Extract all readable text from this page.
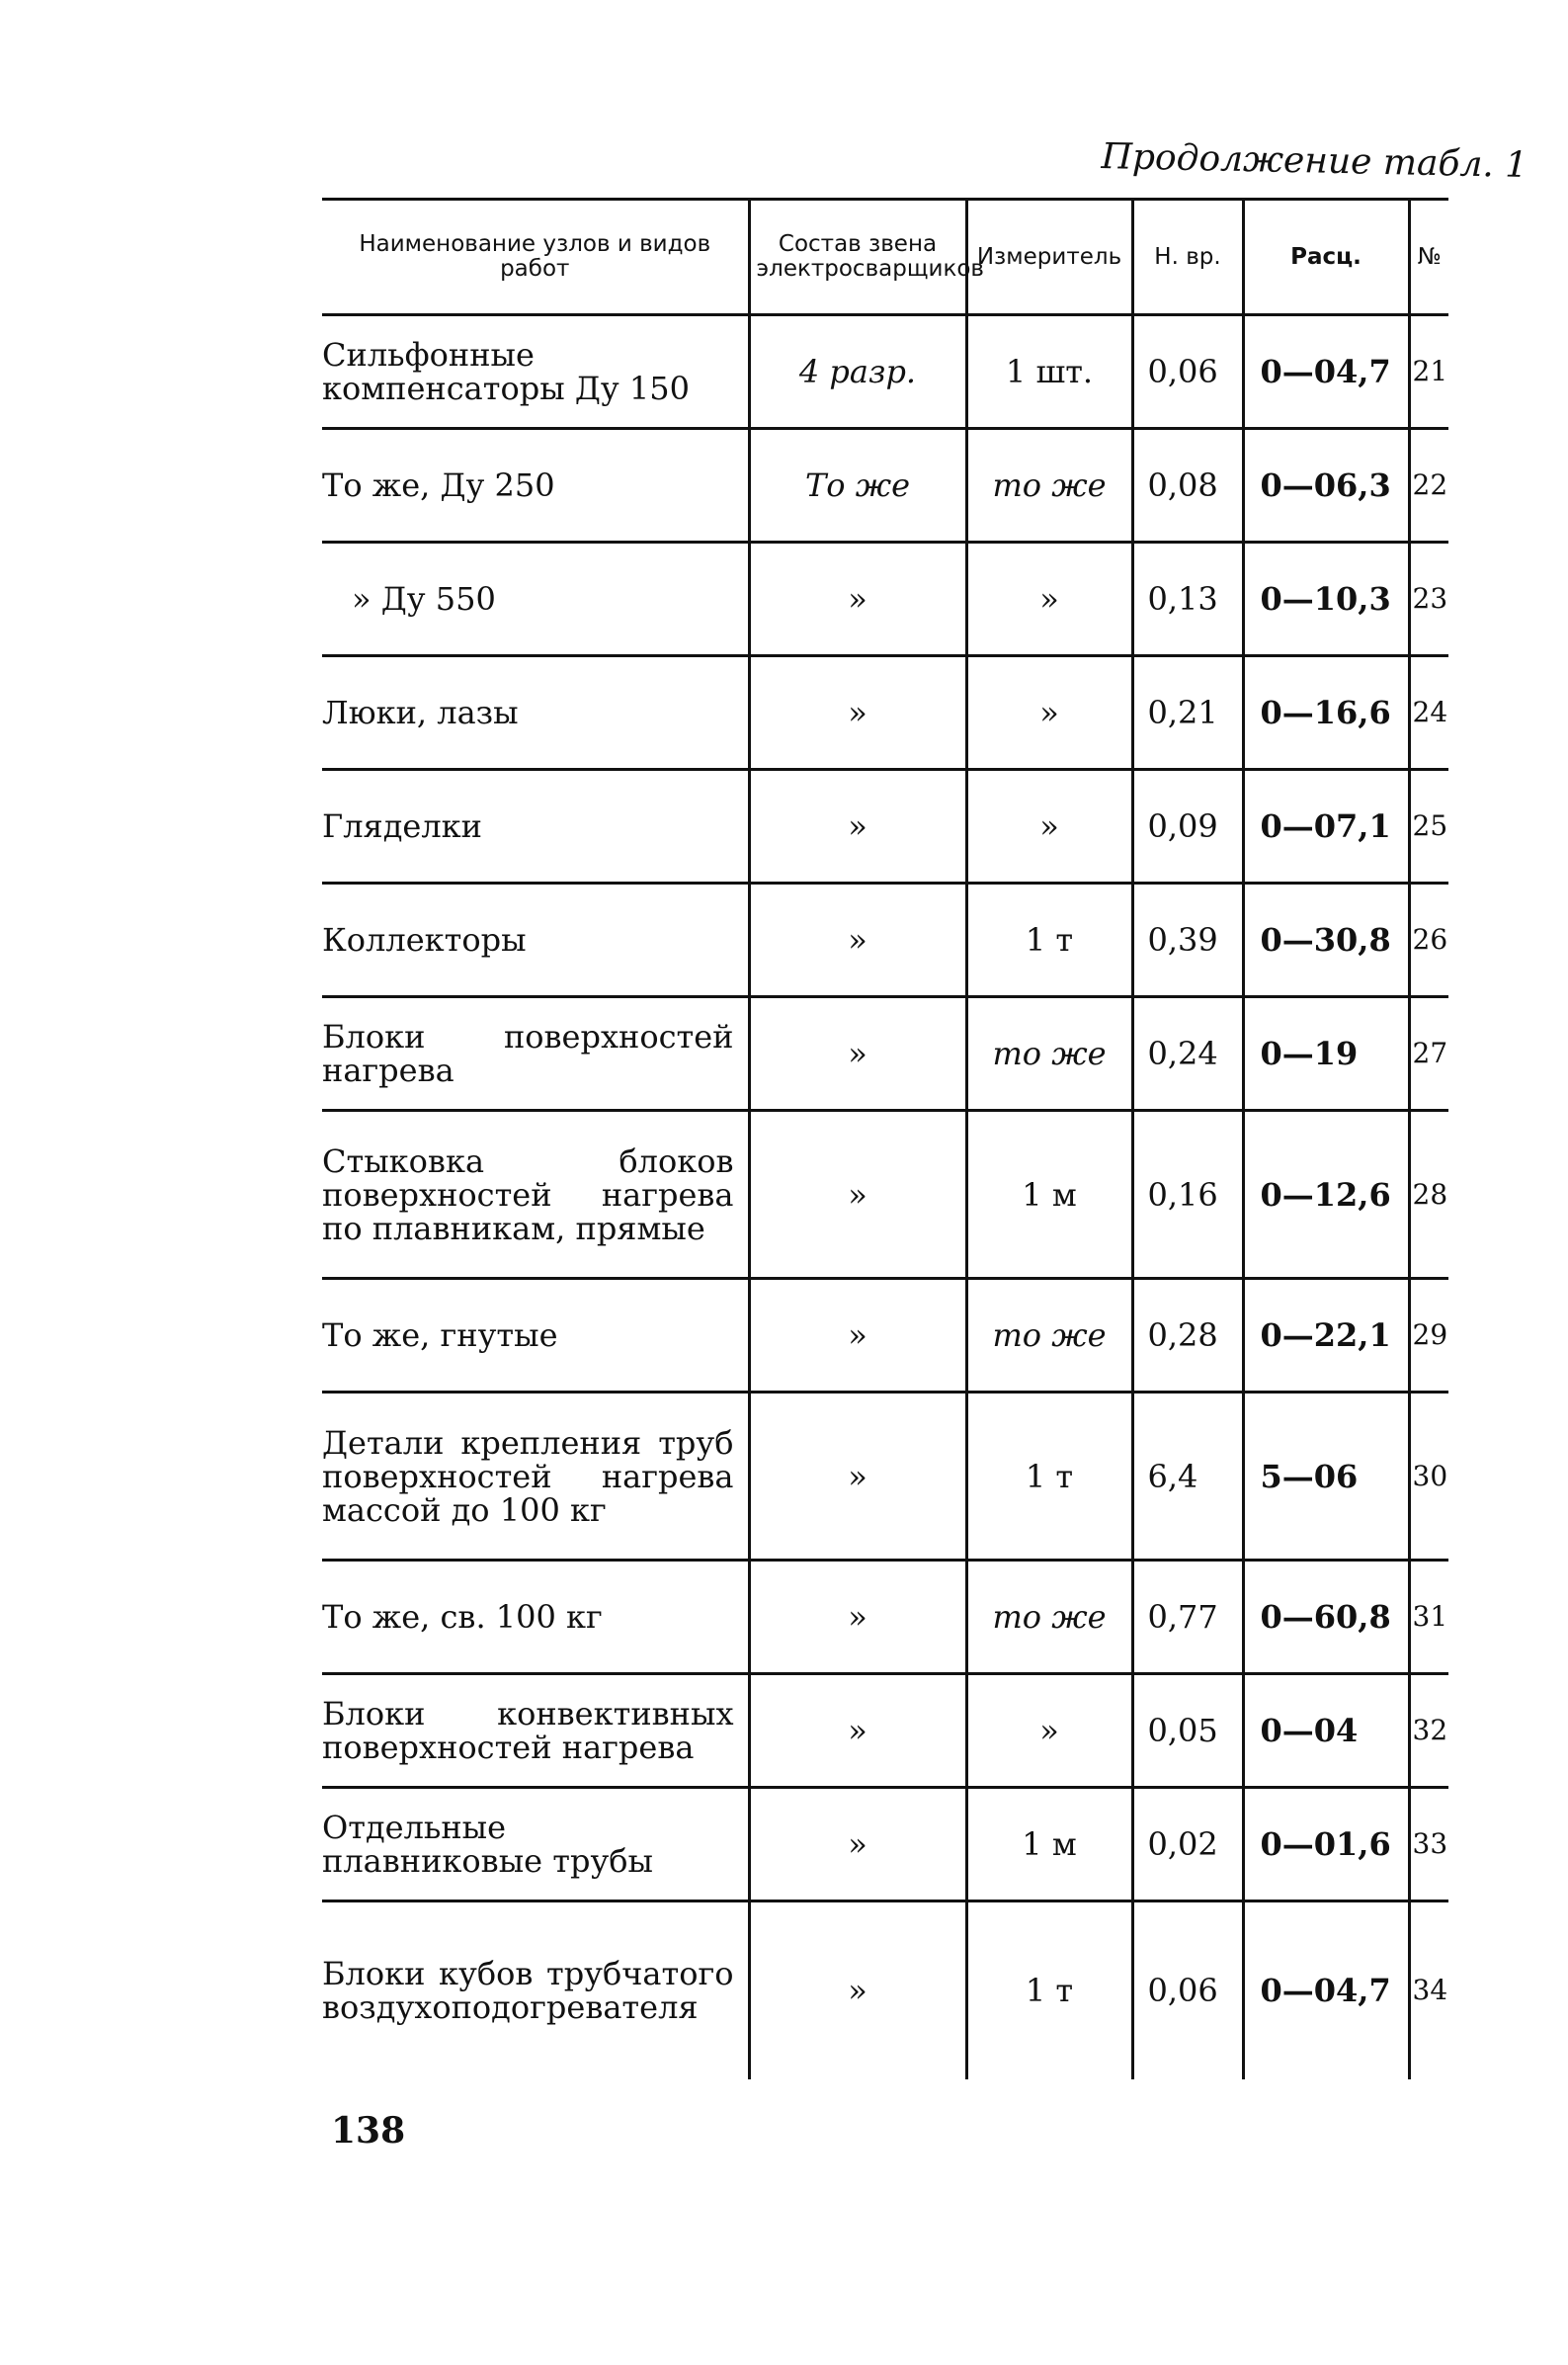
Продолжение табл. 1
Наименование узлов и видов работ	Состав звена электросварщиков	Измеритель	Н. вр.	Расц.	№
Сильфонные компенсаторы Ду 150	4 разр.	1 шт.	0,06	0—04,7	21
То же, Ду 250	То же	то же	0,08	0—06,3	22
» Ду 550	»	»	0,13	0—10,3	23
Люки, лазы	»	»	0,21	0—16,6	24
Гляделки	»	»	0,09	0—07,1	25
Коллекторы	»	1 т	0,39	0—30,8	26
Блоки поверхностей нагрева	»	то же	0,24	0—19	27
Стыковка блоков поверхностей нагрева по плавникам, прямые	»	1 м	0,16	0—12,6	28
То же, гнутые	»	то же	0,28	0—22,1	29
Детали крепления труб поверхностей нагрева массой до 100 кг	»	1 т	6,4	5—06	30
То же, св. 100 кг	»	то же	0,77	0—60,8	31
Блоки конвективных поверхностей нагрева	»	»	0,05	0—04	32
Отдельные плавниковые трубы	»	1 м	0,02	0—01,6	33
Блоки кубов трубчатого воздухоподогревателя	»	1 т	0,06	0—04,7	34
138
